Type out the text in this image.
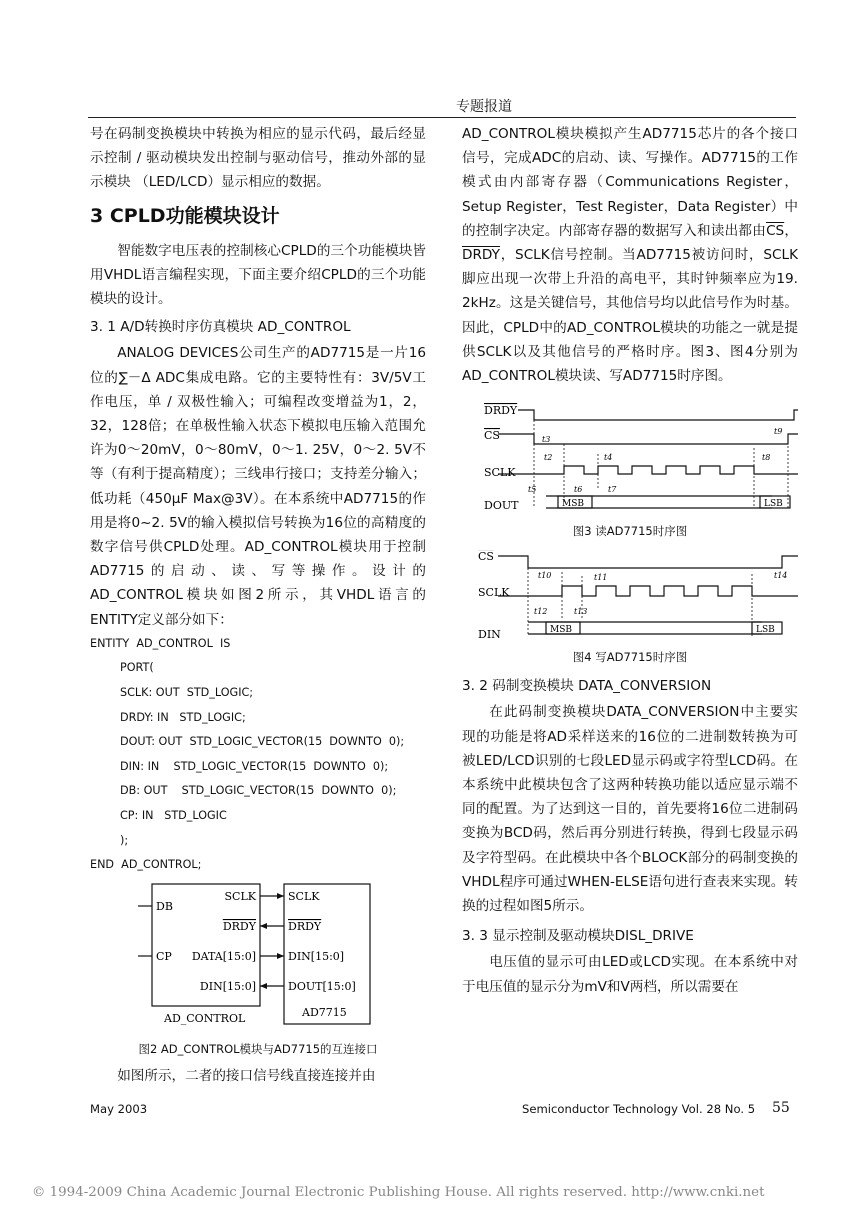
专题报道

号在码制变换模块中转换为相应的显示代码，最后经显示控制 / 驱动模块发出控制与驱动信号，推动外部的显示模块 （LED/LCD）显示相应的数据。

3 CPLD功能模块设计

智能数字电压表的控制核心CPLD的三个功能模块皆用VHDL语言编程实现，下面主要介绍CPLD的三个功能模块的设计。

3. 1 A/D转换时序仿真模块 AD_CONTROL

ANALOG DEVICES公司生产的AD7715是一片16位的∑－Δ ADC集成电路。它的主要特性有：3V/5V工作电压，单 / 双极性输入；可编程改变增益为1，2，32，128倍；在单极性输入状态下模拟电压输入范围允许为0～20mV，0～80mV，0～1. 25V，0～2. 5V不等（有利于提高精度）；三线串行接口；支持差分输入；低功耗（450μF Max@3V）。在本系统中AD7715的作用是将0~2. 5V的输入模拟信号转换为16位的高精度的数字信号供CPLD处理。AD_CONTROL模块用于控制AD7715的启动、读、写等操作。设计的AD_CONTROL模块如图2所示，其VHDL语言的ENTITY定义部分如下：

ENTITY  AD_CONTROL  IS

PORT(

SCLK: OUT  STD_LOGIC;

DRDY: IN   STD_LOGIC;

DOUT: OUT  STD_LOGIC_VECTOR(15  DOWNTO  0);

DIN: IN    STD_LOGIC_VECTOR(15  DOWNTO  0);

DB: OUT    STD_LOGIC_VECTOR(15  DOWNTO  0);

CP: IN   STD_LOGIC

);

END  AD_CONTROL;

DB
CP
SCLK
DRDY
DATA[15:0]
DIN[15:0]
SCLK
DRDY
DIN[15:0]
DOUT[15:0]
AD_CONTROL	AD7715

图2 AD_CONTROL模块与AD7715的互连接口

如图所示，二者的接口信号线直接连接并由

AD_CONTROL模块模拟产生AD7715芯片的各个接口信号，完成ADC的启动、读、写操作。AD7715的工作模式由内部寄存器（Communications Register，Setup Register，Test Register，Data Register）中的控制字决定。内部寄存器的数据写入和读出都由$\overline{CS}$，DRDY，SCLK信号控制。当AD7715被访问时，SCLK脚应出现一次带上升沿的高电平，其时钟频率应为19. 2kHz。这是关键信号，其他信号均以此信号作为时基。因此，CPLD中的AD_CONTROL模块的功能之一就是提供SCLK以及其他信号的严格时序。图3、图4分别为AD_CONTROL模块读、写AD7715时序图。

DRDY
CS
SCLK
DOUT	MSB	LSB
t3
t2	t4
t5	t6	t7
t8
t9

图3 读AD7715时序图

CS
SCLK
DIN	MSB	LSB
t10	t11
t12	t13
t14

图4 写AD7715时序图

3. 2 码制变换模块 DATA_CONVERSION

在此码制变换模块DATA_CONVERSION中主要实现的功能是将AD采样送来的16位的二进制数转换为可被LED/LCD识别的七段LED显示码或字符型LCD码。在本系统中此模块包含了这两种转换功能以适应显示端不同的配置。为了达到这一目的，首先要将16位二进制码变换为BCD码，然后再分别进行转换，得到七段显示码及字符型码。在此模块中各个BLOCK部分的码制变换的VHDL程序可通过WHEN-ELSE语句进行查表来实现。转换的过程如图5所示。

3. 3 显示控制及驱动模块DISL_DRIVE

电压值的显示可由LED或LCD实现。在本系统中对于电压值的显示分为mV和V两档，所以需要在

May 2003	Semiconductor Technology Vol. 28 No. 5 55
© 1994-2009 China Academic Journal Electronic Publishing House. All rights reserved. http://www.cnki.net
